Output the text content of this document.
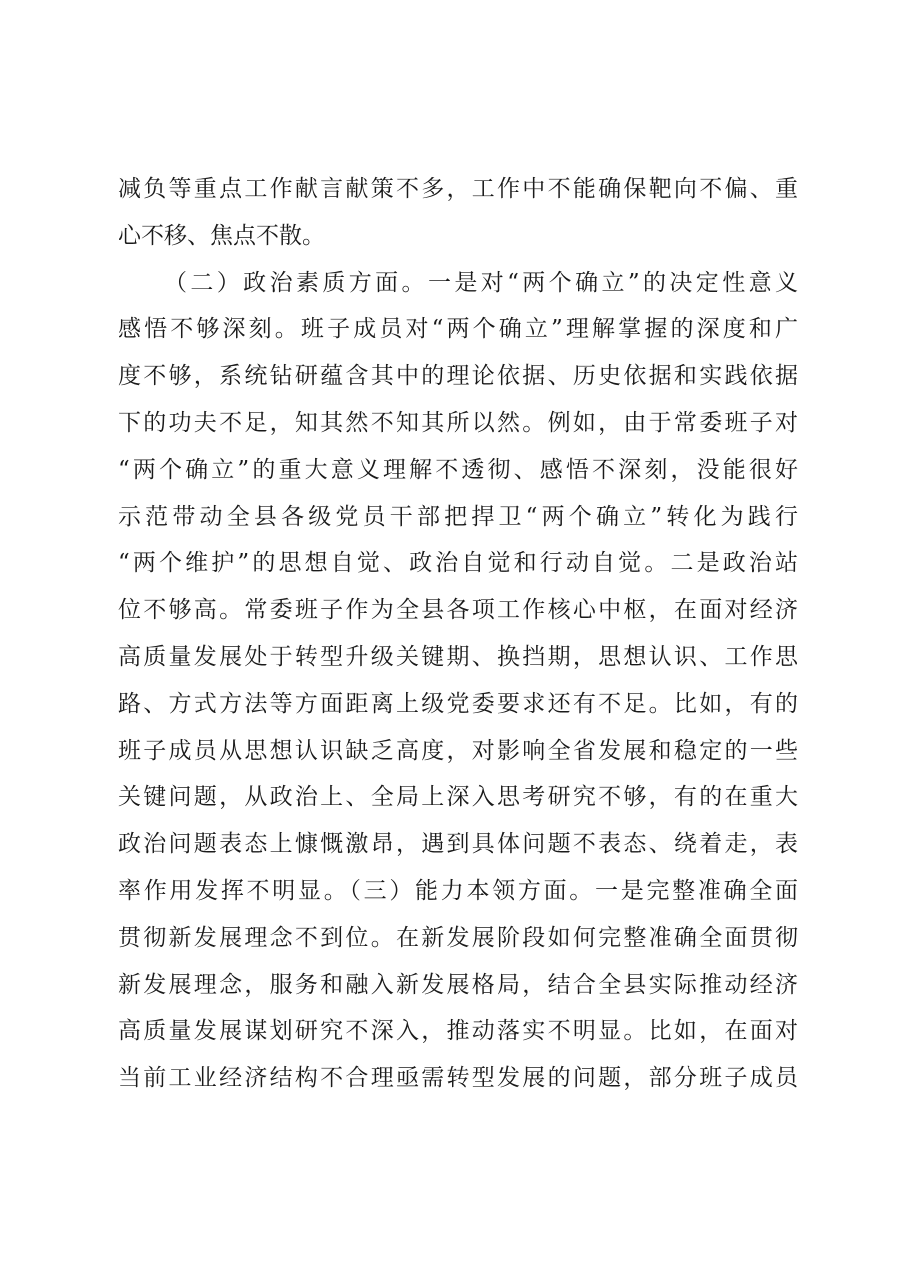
减负等重点工作献言献策不多，工作中不能确保靶向不偏、重
心不移、焦点不散。
（二）政治素质方面。一是对“两个确立”的决定性意义
感悟不够深刻。班子成员对“两个确立”理解掌握的深度和广
度不够，系统钻研蕴含其中的理论依据、历史依据和实践依据
下的功夫不足，知其然不知其所以然。例如，由于常委班子对
“两个确立”的重大意义理解不透彻、感悟不深刻，没能很好
示范带动全县各级党员干部把捍卫“两个确立”转化为践行
“两个维护”的思想自觉、政治自觉和行动自觉。二是政治站
位不够高。常委班子作为全县各项工作核心中枢，在面对经济
高质量发展处于转型升级关键期、换挡期，思想认识、工作思
路、方式方法等方面距离上级党委要求还有不足。比如，有的
班子成员从思想认识缺乏高度，对影响全省发展和稳定的一些
关键问题，从政治上、全局上深入思考研究不够，有的在重大
政治问题表态上慷慨激昂，遇到具体问题不表态、绕着走，表
率作用发挥不明显。（三）能力本领方面。一是完整准确全面
贯彻新发展理念不到位。在新发展阶段如何完整准确全面贯彻
新发展理念，服务和融入新发展格局，结合全县实际推动经济
高质量发展谋划研究不深入，推动落实不明显。比如，在面对
当前工业经济结构不合理亟需转型发展的问题，部分班子成员
